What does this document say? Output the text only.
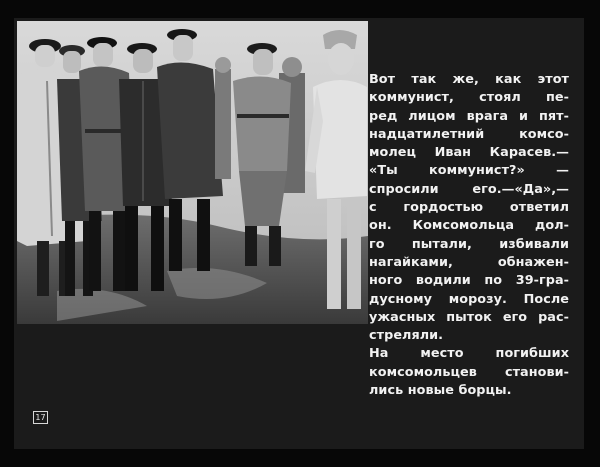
Вот так же, как этот
коммунист, стоял пе-
ред лицом врага и пят-
надцатилетний комсо-
молец Иван Карасев.—
«Ты коммунист?» —
спросили его.—«Да»,—
с гордостью ответил
он. Комсомольца дол-
го пытали, избивали
нагайками, обнажен-
ного водили по 39-гра-
дусному морозу. После
ужасных пыток его рас-
стреляли.
На место погибших
комсомольцев станови-
лись новые борцы.
17
